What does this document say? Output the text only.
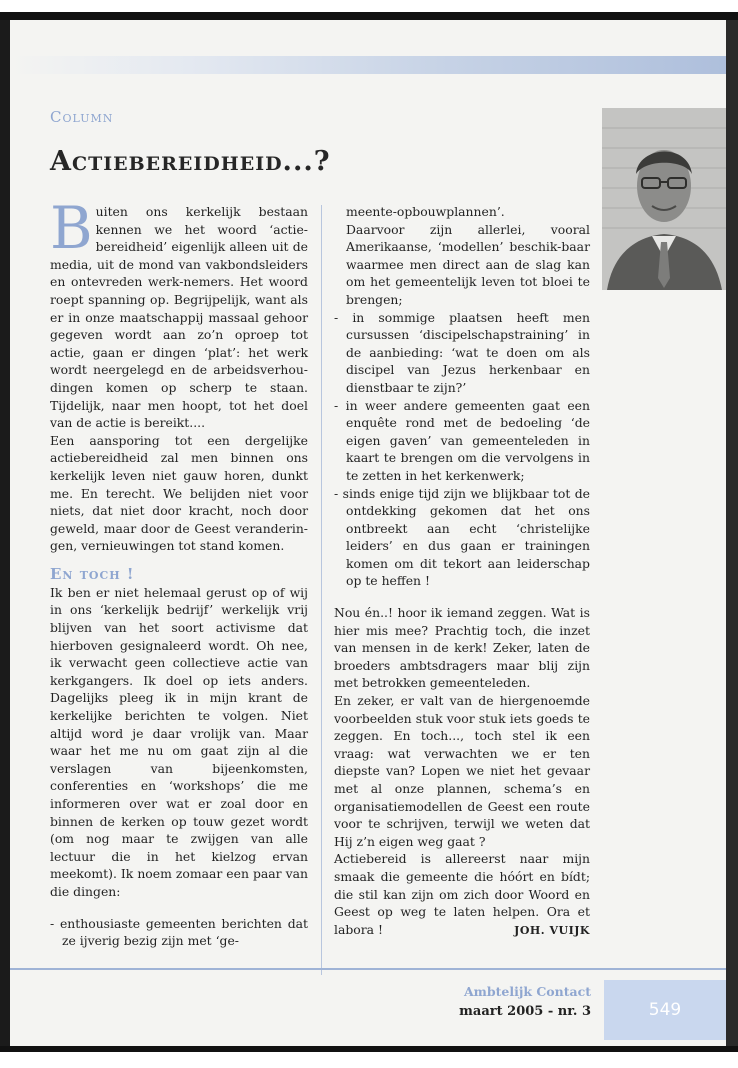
Column
Actiebereidheid...?

Buiten ons kerkelijk bestaan kennen we het woord ‘actie-bereidheid’ eigenlijk alleen uit de media, uit de mond van vakbondsleiders en ontevreden werk-nemers. Het woord roept spanning op. Begrijpelijk, want als er in onze maatschappij massaal gehoor gegeven wordt aan zo’n oproep tot actie, gaan er dingen ‘plat’: het werk wordt neergelegd en de arbeidsverhou-dingen komen op scherp te staan. Tijdelijk, naar men hoopt, tot het doel van de actie is bereikt....

Een aansporing tot een dergelijke actiebereidheid zal men binnen ons kerkelijk leven niet gauw horen, dunkt me. En terecht. We belijden niet voor niets, dat niet door kracht, noch door geweld, maar door de Geest veranderin-gen, vernieuwingen tot stand komen.

En toch !

Ik ben er niet helemaal gerust op of wij in ons ‘kerkelijk bedrijf’ werkelijk vrij blijven van het soort activisme dat hierboven gesignaleerd wordt. Oh nee, ik verwacht geen collectieve actie van kerkgangers. Ik doel op iets anders. Dagelijks pleeg ik in mijn krant de kerkelijke berichten te volgen. Niet altijd word je daar vrolijk van. Maar waar het me nu om gaat zijn al die verslagen van bijeenkomsten, conferenties en ‘workshops’ die me informeren over wat er zoal door en binnen de kerken op touw gezet wordt (om nog maar te zwijgen van alle lectuur die in het kielzog ervan meekomt). Ik noem zomaar een paar van die dingen:

- enthousiaste gemeenten berichten dat ze ijverig bezig zijn met ‘ge-

meente-opbouwplannen’.

Daarvoor zijn allerlei, vooral Amerikaanse, ‘modellen’ beschik-baar waarmee men direct aan de slag kan om het gemeentelijk leven tot bloei te brengen;

- in sommige plaatsen heeft men cursussen ‘discipelschapstraining’ in de aanbieding: ‘wat te doen om als discipel van Jezus herkenbaar en dienstbaar te zijn?’

- in weer andere gemeenten gaat een enquête rond met de bedoeling ‘de eigen gaven’ van gemeenteleden in kaart te brengen om die vervolgens in te zetten in het kerkenwerk;

- sinds enige tijd zijn we blijkbaar tot de ontdekking gekomen dat het ons ontbreekt aan echt ‘christelijke leiders’ en dus gaan er trainingen komen om dit tekort aan leiderschap op te heffen !

Nou én..! hoor ik iemand zeggen. Wat is hier mis mee? Prachtig toch, die inzet van mensen in de kerk! Zeker, laten de broeders ambtsdragers maar blij zijn met betrokken gemeenteleden.

En zeker, er valt van de hiergenoemde voorbeelden stuk voor stuk iets goeds te zeggen. En toch..., toch stel ik een vraag: wat verwachten we er ten diepste van? Lopen we niet het gevaar met al onze plannen, schema’s en organisatiemodellen de Geest een route voor te schrijven, terwijl we weten dat Hij z’n eigen weg gaat ?

Actiebereid is allereerst naar mijn smaak die gemeente die hóórt en bídt; die stil kan zijn om zich door Woord en Geest op weg te laten helpen. Ora et labora !	JOH. VUIJK
Ambtelijk Contact
maart 2005 - nr. 3	549
